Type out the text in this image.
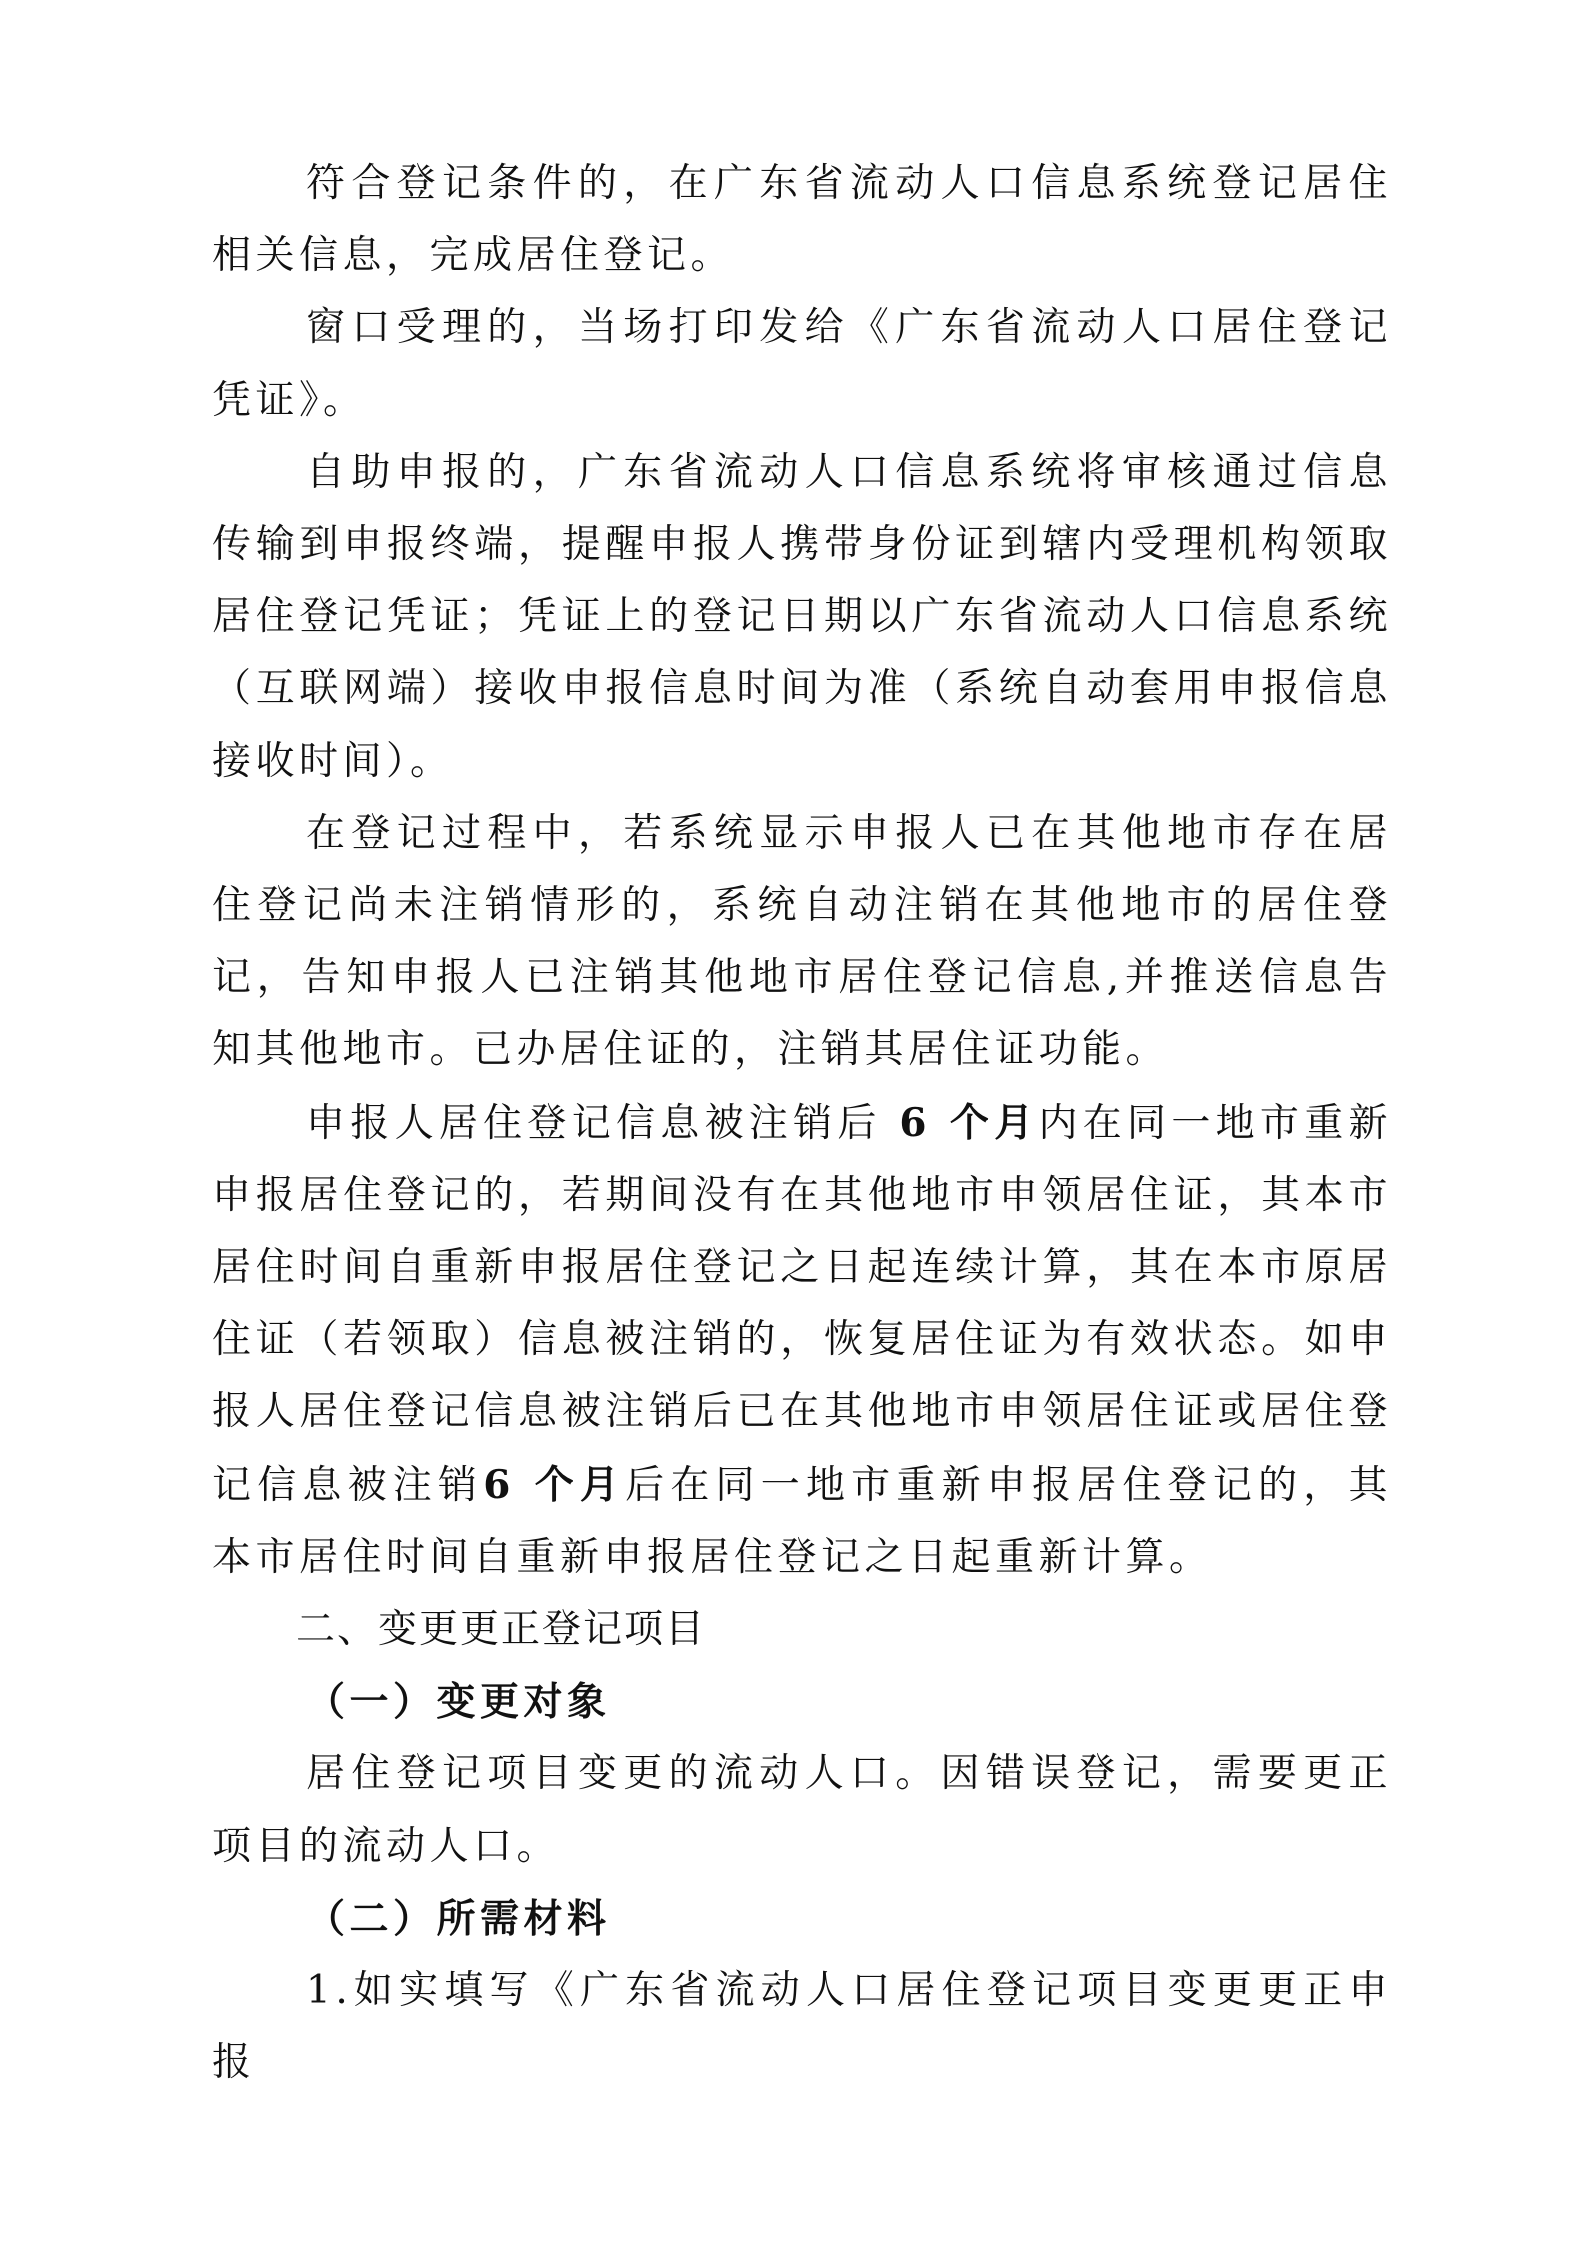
符合登记条件的，在广东省流动人口信息系统登记居住相关信息，完成居住登记。

窗口受理的，当场打印发给《广东省流动人口居住登记凭证》。

自助申报的，广东省流动人口信息系统将审核通过信息传输到申报终端，提醒申报人携带身份证到辖内受理机构领取居住登记凭证；凭证上的登记日期以广东省流动人口信息系统（互联网端）接收申报信息时间为准（系统自动套用申报信息接收时间）。

在登记过程中，若系统显示申报人已在其他地市存在居住登记尚未注销情形的，系统自动注销在其他地市的居住登记，告知申报人已注销其他地市居住登记信息,并推送信息告知其他地市。已办居住证的，注销其居住证功能。

申报人居住登记信息被注销后 6 个月内在同一地市重新申报居住登记的，若期间没有在其他地市申领居住证，其本市居住时间自重新申报居住登记之日起连续计算，其在本市原居住证（若领取）信息被注销的，恢复居住证为有效状态。如申报人居住登记信息被注销后已在其他地市申领居住证或居住登记信息被注销6 个月后在同一地市重新申报居住登记的，其本市居住时间自重新申报居住登记之日起重新计算。

二、变更更正登记项目
（一）变更对象

居住登记项目变更的流动人口。因错误登记，需要更正项目的流动人口。

（二）所需材料

1.如实填写《广东省流动人口居住登记项目变更更正申报
